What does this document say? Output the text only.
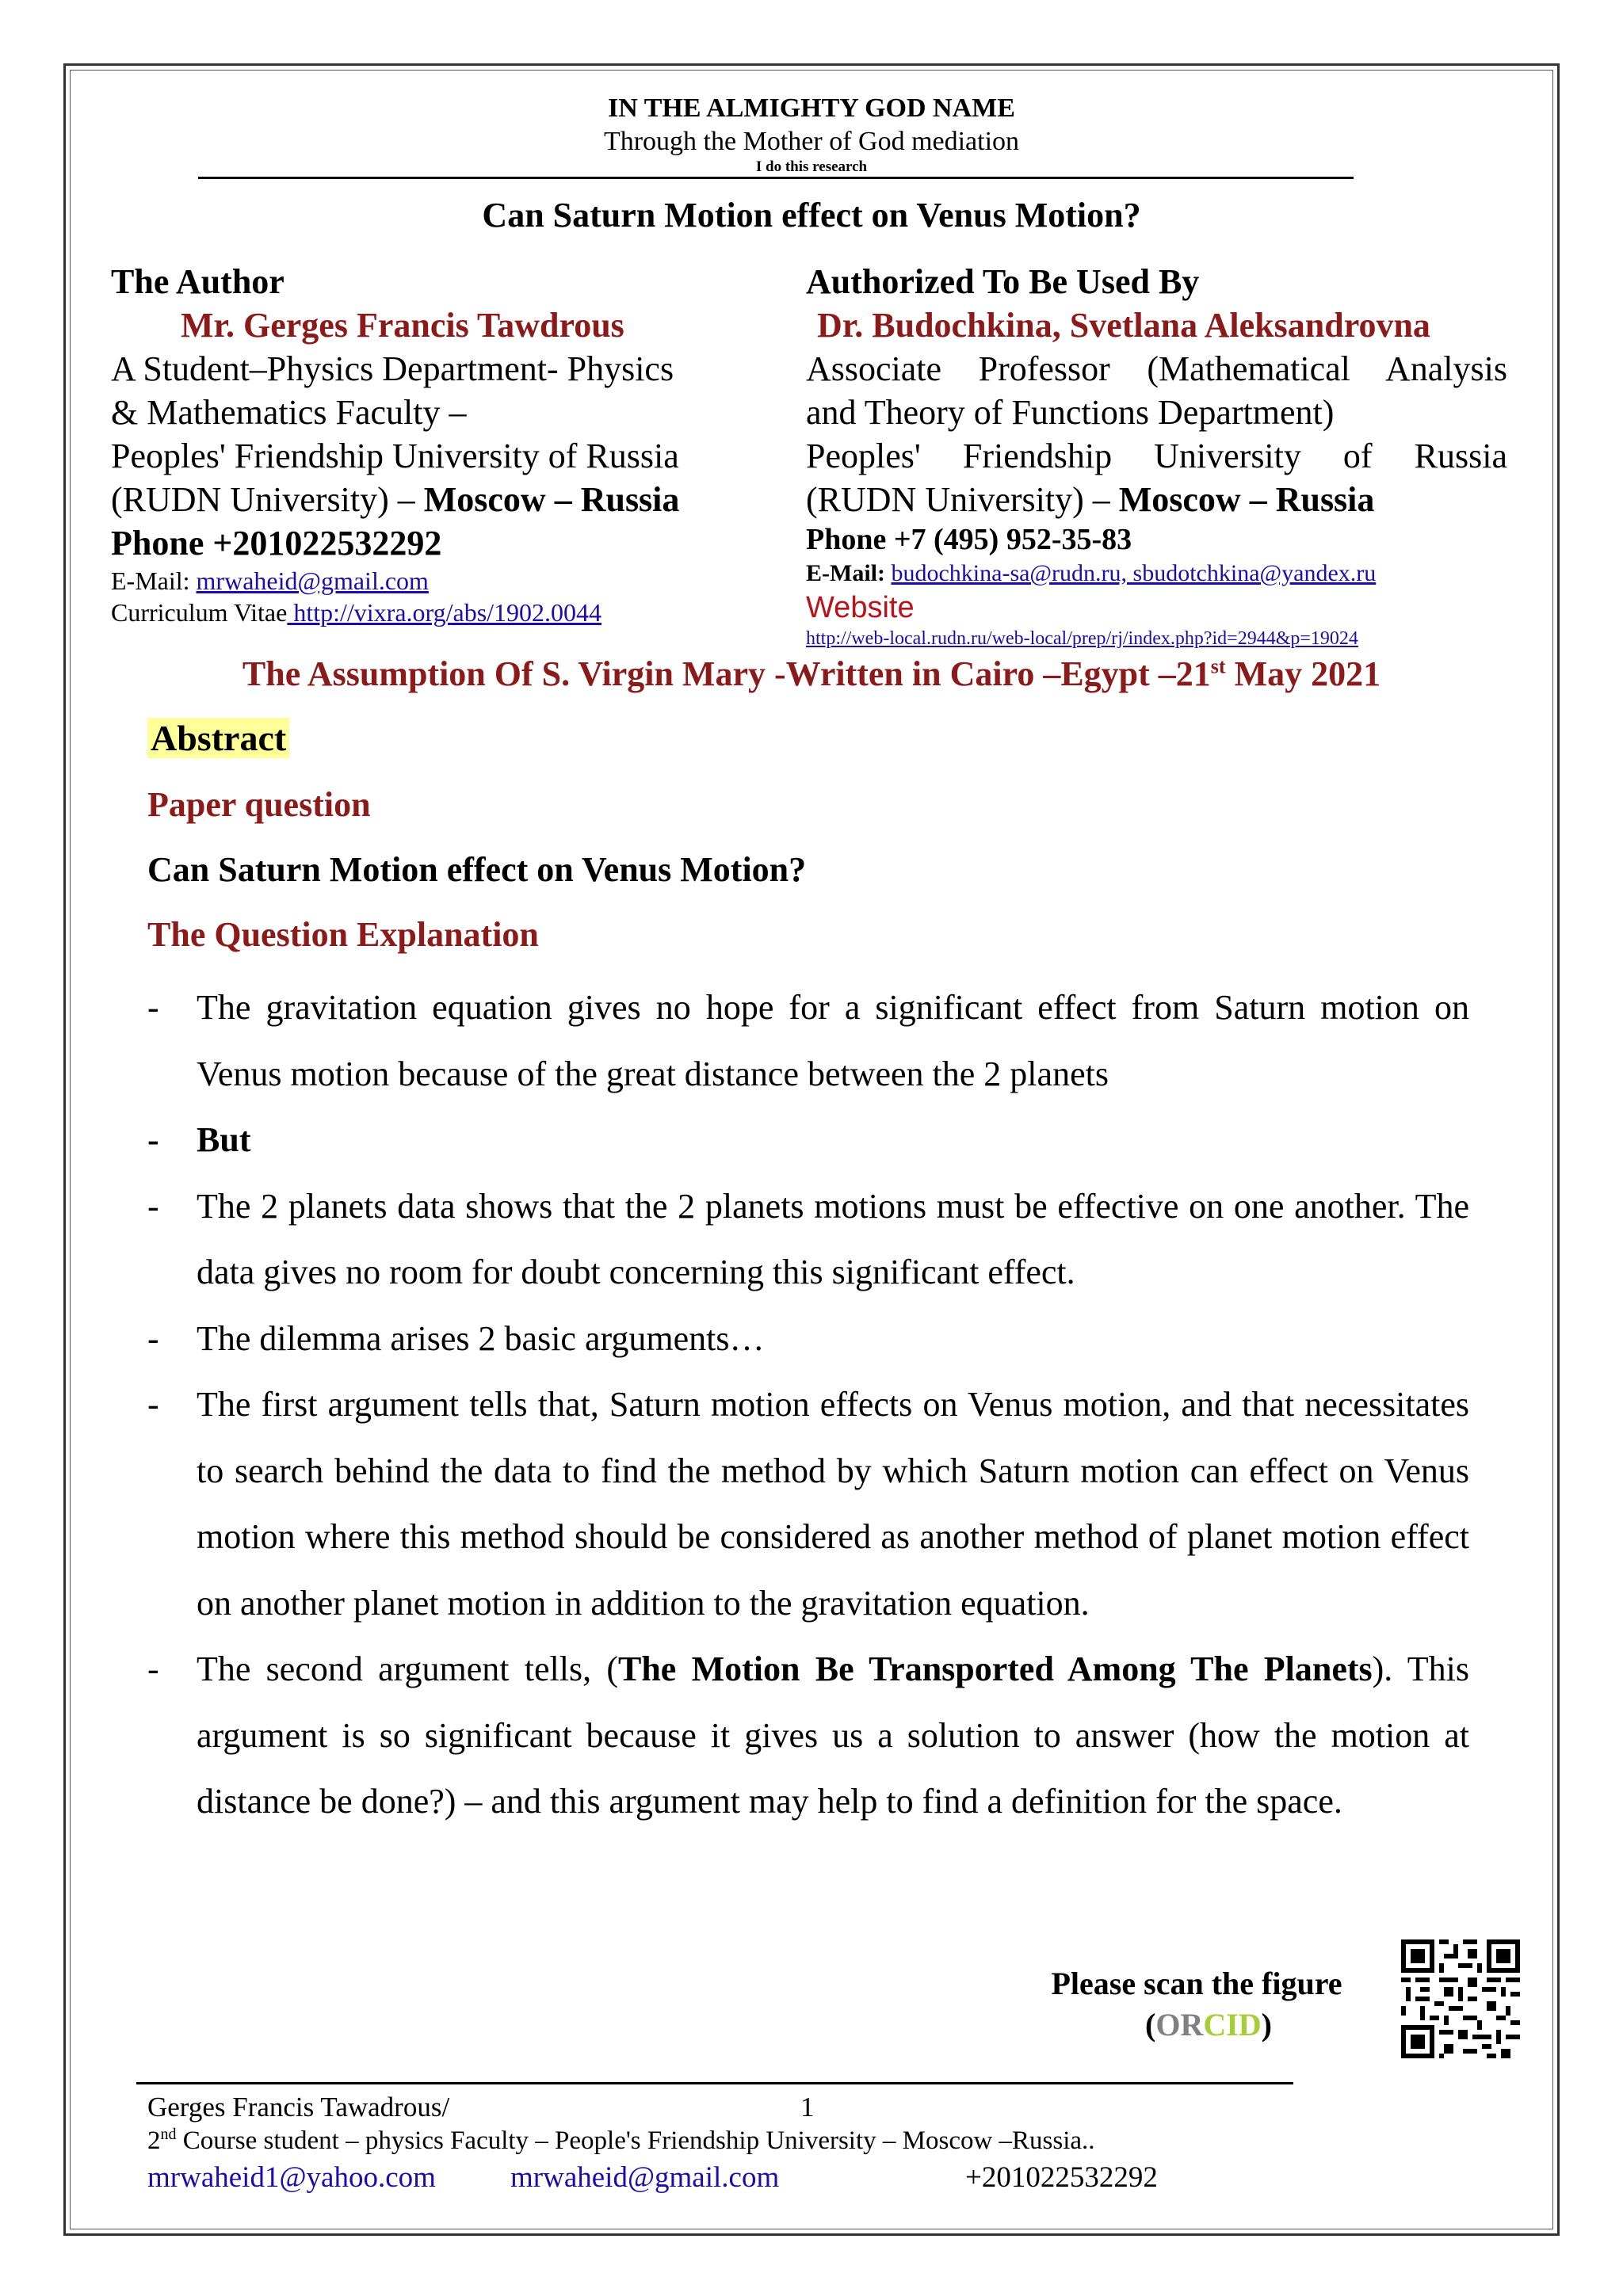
IN THE ALMIGHTY GOD NAME
Through the Mother of God mediation
I do this research
Can Saturn Motion effect on Venus Motion?
The Author
Mr. Gerges Francis Tawdrous
A Student–Physics Department- Physics
& Mathematics Faculty –
Peoples' Friendship University of Russia
(RUDN University) – Moscow – Russia
Phone +201022532292
E-Mail: mrwaheid@gmail.com
Curriculum Vitae http://vixra.org/abs/1902.0044
Authorized To Be Used By
Dr. Budochkina, Svetlana Aleksandrovna
Associate Professor (Mathematical Analysis
and Theory of Functions Department)
Peoples' Friendship University of Russia
(RUDN University) – Moscow – Russia
Phone +7 (495) 952-35-83
E-Mail: budochkina-sa@rudn.ru, sbudotchkina@yandex.ru
Website
http://web-local.rudn.ru/web-local/prep/rj/index.php?id=2944&p=19024
The Assumption Of S. Virgin Mary -Written in Cairo –Egypt –21st May 2021
Abstract
Paper question
Can Saturn Motion effect on Venus Motion?
The Question Explanation
- The gravitation equation gives no hope for a significant effect from Saturn motion on Venus motion because of the great distance between the 2 planets
- But
- The 2 planets data shows that the 2 planets motions must be effective on one another. The data gives no room for doubt concerning this significant effect.
- The dilemma arises 2 basic arguments…
- The first argument tells that, Saturn motion effects on Venus motion, and that necessitates to search behind the data to find the method by which Saturn motion can effect on Venus motion where this method should be considered as another method of planet motion effect on another planet motion in addition to the gravitation equation.
- The second argument tells, (The Motion Be Transported Among The Planets). This argument is so significant because it gives us a solution to answer (how the motion at distance be done?) – and this argument may help to find a definition for the space.
Please scan the figure
(ORCID)
Gerges Francis Tawadrous/	1
2nd Course student – physics Faculty – People's Friendship University – Moscow –Russia..
mrwaheid1@yahoo.com	mrwaheid@gmail.com	+201022532292
